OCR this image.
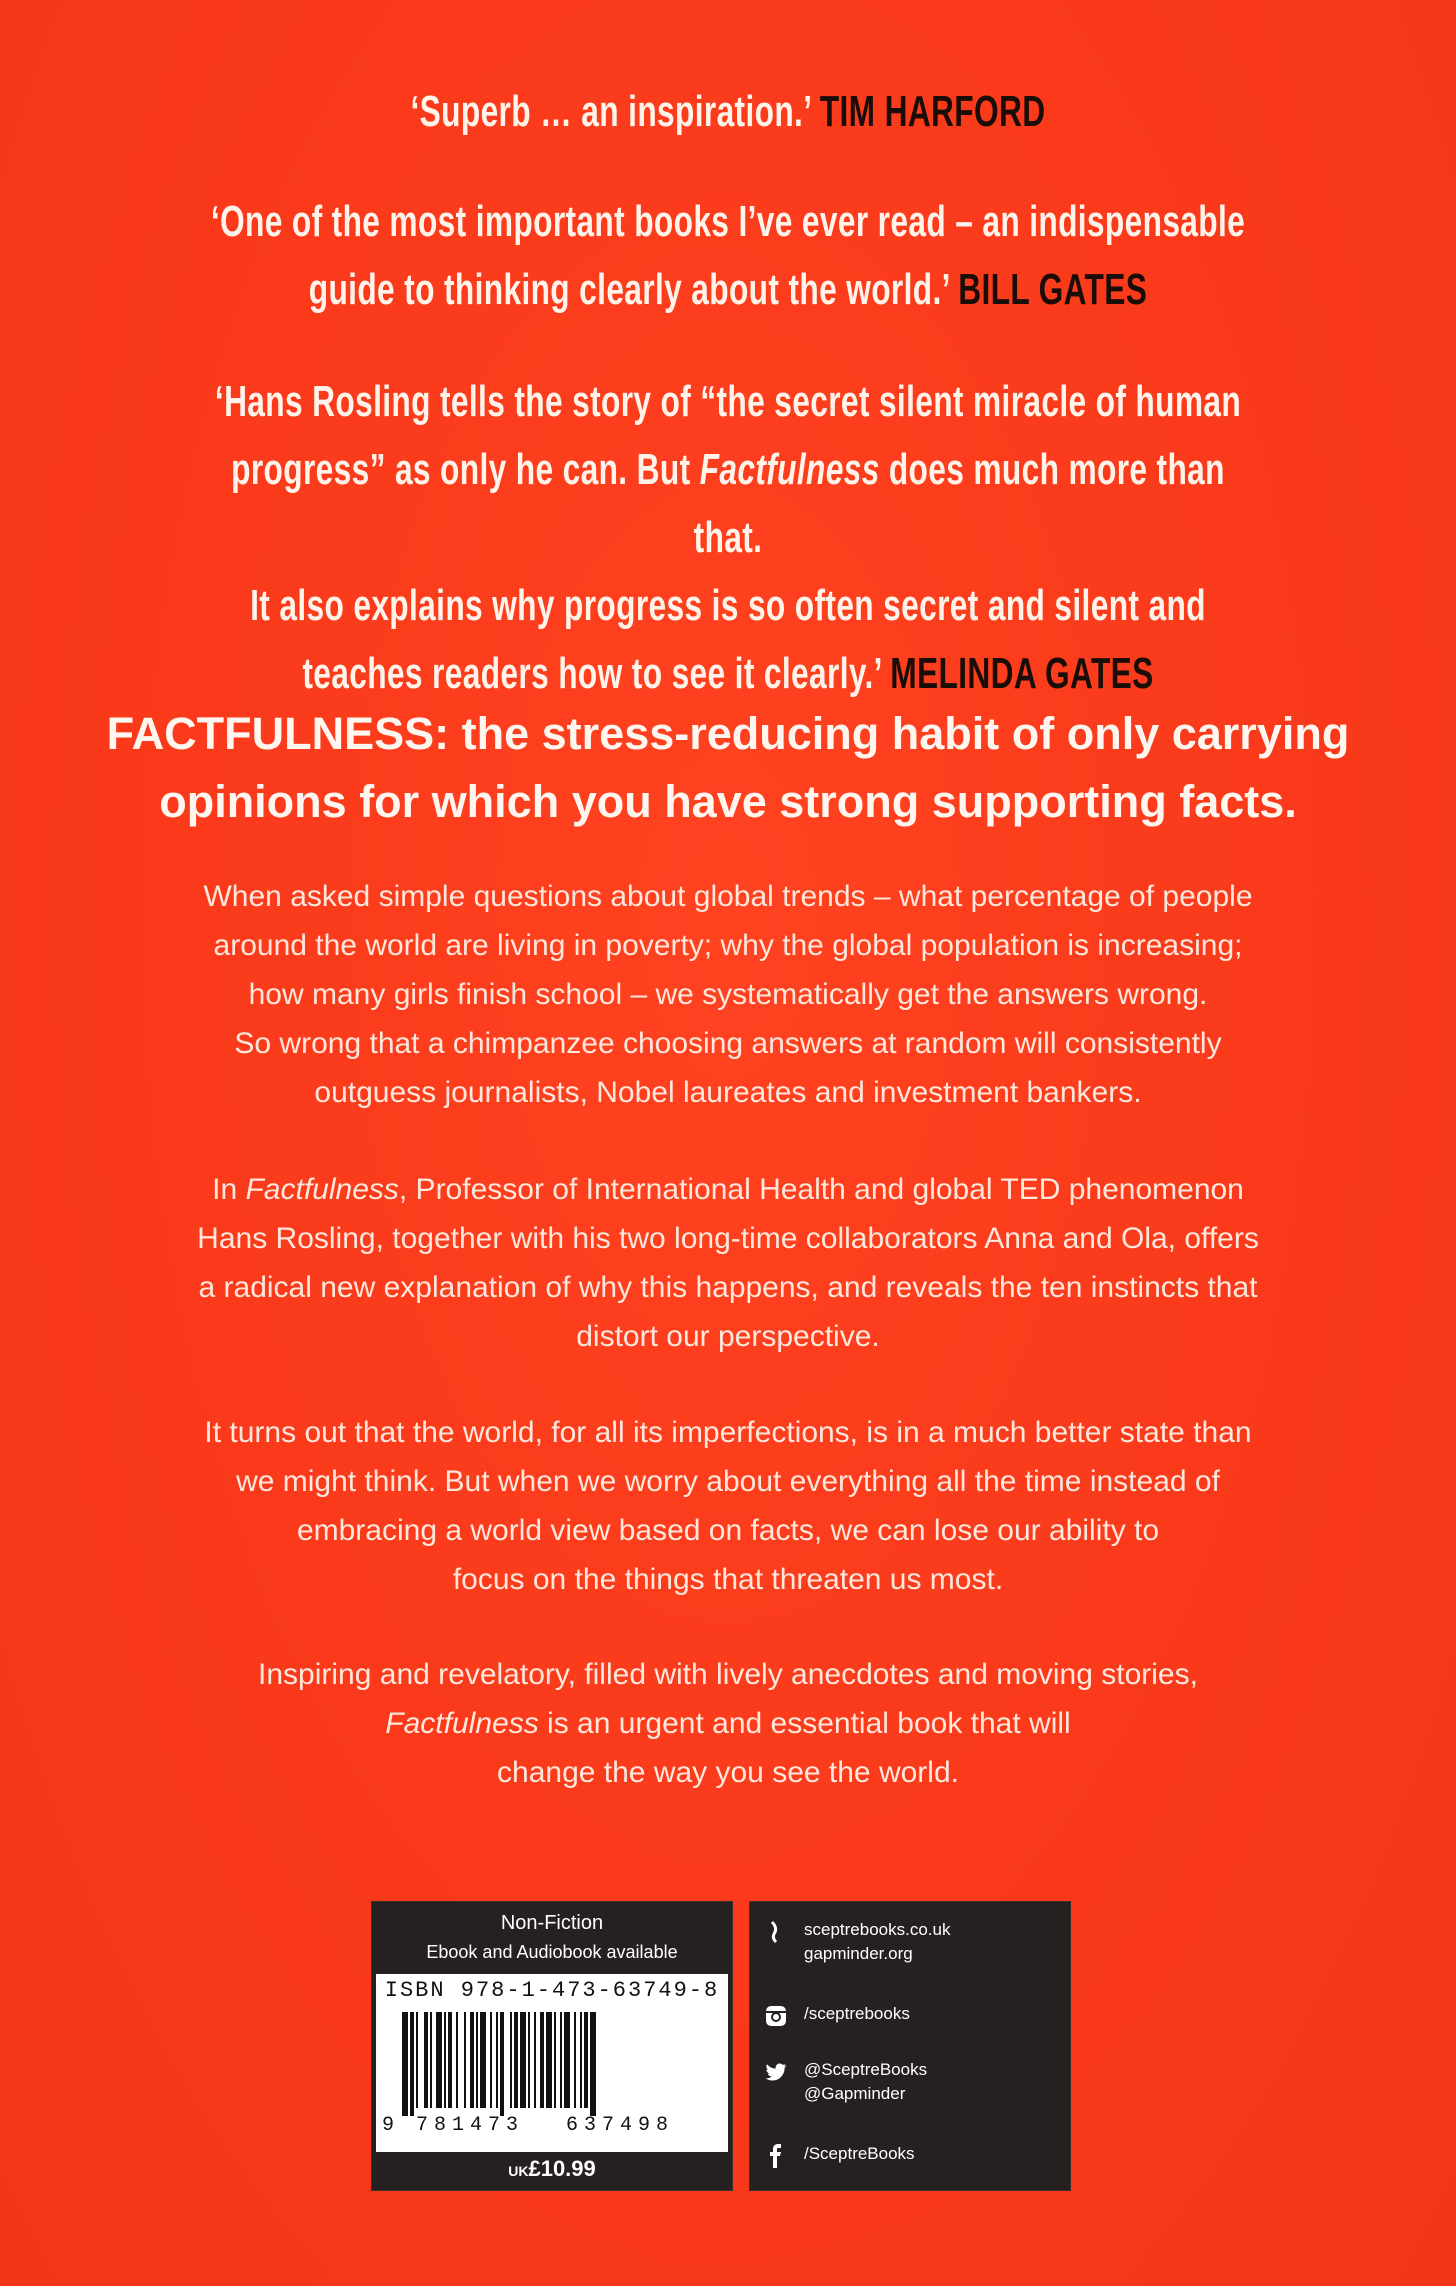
‘Superb … an inspiration.’ TIM HARFORD
‘One of the most important books I’ve ever read – an indispensable
guide to thinking clearly about the world.’ BILL GATES
‘Hans Rosling tells the story of “the secret silent miracle of human
progress” as only he can. But Factfulness does much more than that.
It also explains why progress is so often secret and silent and
teaches readers how to see it clearly.’ MELINDA GATES
FACTFULNESS: the stress-reducing habit of only carrying
opinions for which you have strong supporting facts.
When asked simple questions about global trends – what percentage of people
around the world are living in poverty; why the global population is increasing;
how many girls finish school – we systematically get the answers wrong.
So wrong that a chimpanzee choosing answers at random will consistently
outguess journalists, Nobel laureates and investment bankers.
In Factfulness, Professor of International Health and global TED phenomenon
Hans Rosling, together with his two long-time collaborators Anna and Ola, offers
a radical new explanation of why this happens, and reveals the ten instincts that
distort our perspective.
It turns out that the world, for all its imperfections, is in a much better state than
we might think. But when we worry about everything all the time instead of
embracing a world view based on facts, we can lose our ability to
focus on the things that threaten us most.
Inspiring and revelatory, filled with lively anecdotes and moving stories,
Factfulness is an urgent and essential book that will
change the way you see the world.
Non-Fiction
Ebook and Audiobook available
ISBN 978-1-473-63749-8
9 781473 637498
UK£10.99
sceptrebooks.co.uk
gapminder.org
/sceptrebooks
@SceptreBooks
@Gapminder
/SceptreBooks
